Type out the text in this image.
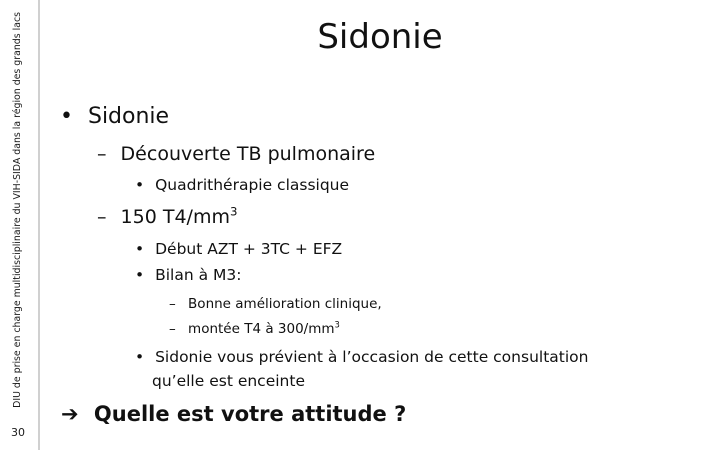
DIU de prise en charge multidisciplinaire du VIH-SIDA dans la région des grands lacs
30
Sidonie
• Sidonie
– Découverte TB pulmonaire
• Quadrithérapie classique
– 150 $T4/mm^3$
• Début AZT + 3TC + EFZ
• Bilan à M3:
– Bonne amélioration clinique,
– montée T4 à $300/mm^3$
• Sidonie vous prévient à l’occasion de cette consultation
qu’elle est enceinte
➔ Quelle est votre attitude ?
